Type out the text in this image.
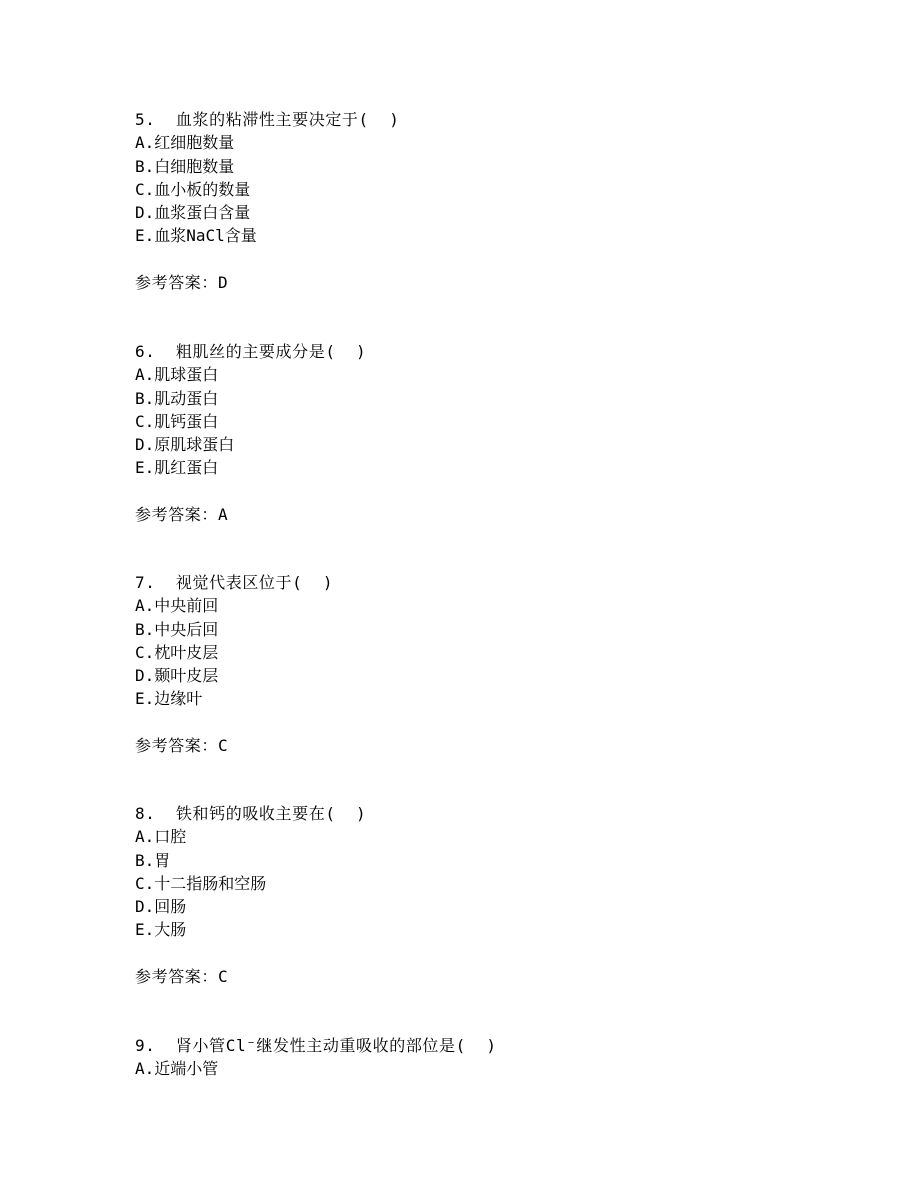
5.  血浆的粘滞性主要决定于(  )
A.红细胞数量
B.白细胞数量
C.血小板的数量
D.血浆蛋白含量
E.血浆NaCl含量
参考答案：D
6.  粗肌丝的主要成分是(  )
A.肌球蛋白
B.肌动蛋白
C.肌钙蛋白
D.原肌球蛋白
E.肌红蛋白
参考答案：A
7.  视觉代表区位于(  )
A.中央前回
B.中央后回
C.枕叶皮层
D.颞叶皮层
E.边缘叶
参考答案：C
8.  铁和钙的吸收主要在(  )
A.口腔
B.胃
C.十二指肠和空肠
D.回肠
E.大肠
参考答案：C
9.  肾小管Cl⁻继发性主动重吸收的部位是(  )
A.近端小管
